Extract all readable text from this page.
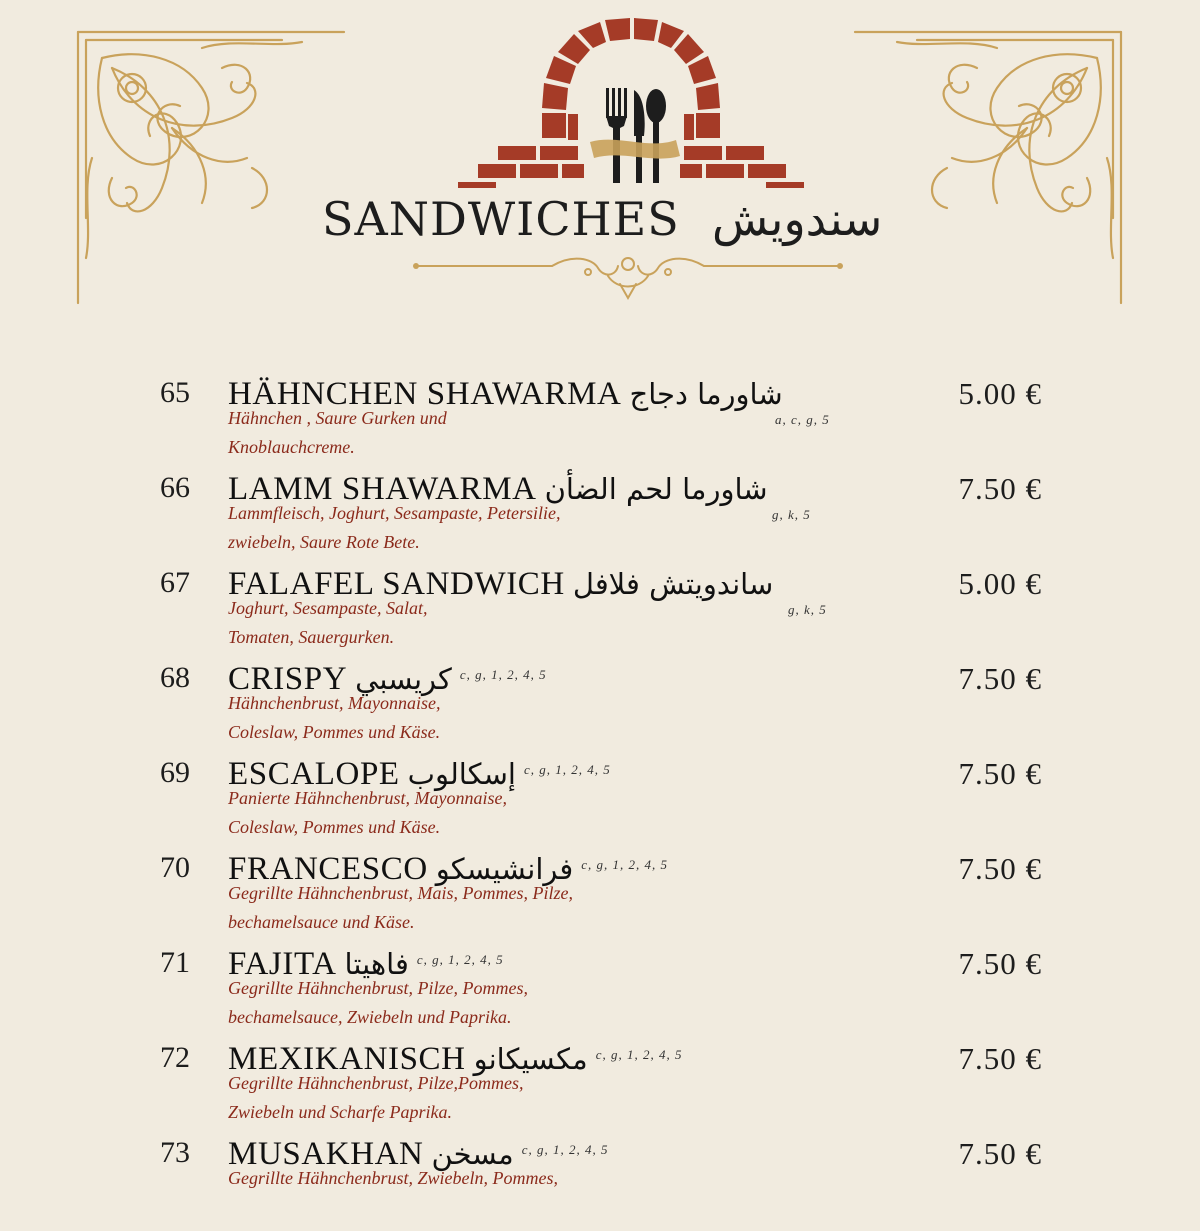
SANDWICHES سندويش
65 HÄHNCHEN SHAWARMA شاورما دجاج
Hähnchen , Saure Gurken und
Knoblauchcreme.
a, c, g, 5
5.00 €
66 LAMM SHAWARMA شاورما لحم الضأن
Lammfleisch, Joghurt, Sesampaste, Petersilie,
zwiebeln, Saure Rote Bete.
g, k, 5
7.50 €
67 FALAFEL SANDWICH ساندويتش فلافل
Joghurt, Sesampaste, Salat,
Tomaten, Sauergurken.
g, k, 5
5.00 €
68 CRISPY كريسبي $^{c, g, 1, 2, 4, 5}$
Hähnchenbrust, Mayonnaise,
Coleslaw, Pommes und Käse.
7.50 €
69 ESCALOPE إسكالوب $^{c, g, 1, 2, 4, 5}$
Panierte Hähnchenbrust, Mayonnaise,
Coleslaw, Pommes und Käse.
7.50 €
70 FRANCESCO فرانشيسكو $^{c, g, 1, 2, 4, 5}$
Gegrillte Hähnchenbrust, Mais, Pommes, Pilze,
bechamelsauce und Käse.
7.50 €
71 FAJITA فاهيتا $^{c, g, 1, 2, 4, 5}$
Gegrillte Hähnchenbrust, Pilze, Pommes,
bechamelsauce, Zwiebeln und Paprika.
7.50 €
72 MEXIKANISCH مكسيكانو $^{c, g, 1, 2, 4, 5}$
Gegrillte Hähnchenbrust, Pilze,Pommes,
Zwiebeln und Scharfe Paprika.
7.50 €
73 MUSAKHAN مسخن $^{c, g, 1, 2, 4, 5}$
Gegrillte Hähnchenbrust, Zwiebeln, Pommes,
7.50 €
